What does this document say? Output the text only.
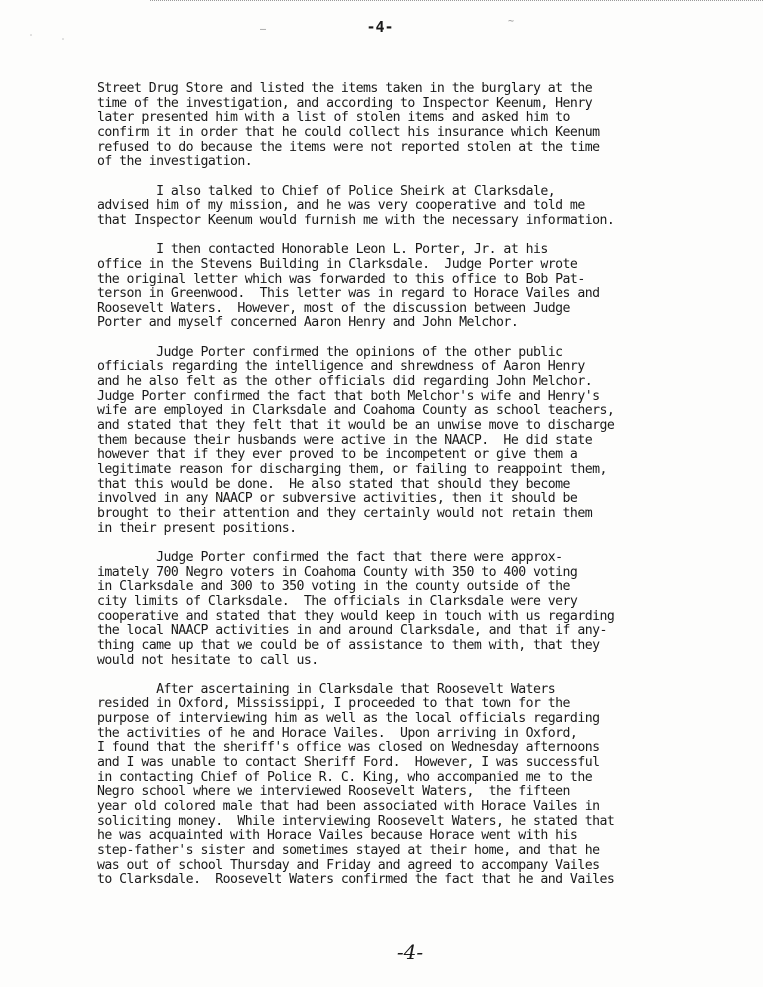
˙	˙
—
~
-4-
Street Drug Store and listed the items taken in the burglary at the
time of the investigation, and according to Inspector Keenum, Henry
later presented him with a list of stolen items and asked him to
confirm it in order that he could collect his insurance which Keenum
refused to do because the items were not reported stolen at the time
of the investigation.
I also talked to Chief of Police Sheirk at Clarksdale,
advised him of my mission, and he was very cooperative and told me
that Inspector Keenum would furnish me with the necessary information.
I then contacted Honorable Leon L. Porter, Jr. at his
office in the Stevens Building in Clarksdale.  Judge Porter wrote
the original letter which was forwarded to this office to Bob Pat-
terson in Greenwood.  This letter was in regard to Horace Vailes and
Roosevelt Waters.  However, most of the discussion between Judge
Porter and myself concerned Aaron Henry and John Melchor.
Judge Porter confirmed the opinions of the other public
officials regarding the intelligence and shrewdness of Aaron Henry
and he also felt as the other officials did regarding John Melchor.
Judge Porter confirmed the fact that both Melchor's wife and Henry's
wife are employed in Clarksdale and Coahoma County as school teachers,
and stated that they felt that it would be an unwise move to discharge
them because their husbands were active in the NAACP.  He did state
however that if they ever proved to be incompetent or give them a
legitimate reason for discharging them, or failing to reappoint them,
that this would be done.  He also stated that should they become
involved in any NAACP or subversive activities, then it should be
brought to their attention and they certainly would not retain them
in their present positions.
Judge Porter confirmed the fact that there were approx-
imately 700 Negro voters in Coahoma County with 350 to 400 voting
in Clarksdale and 300 to 350 voting in the county outside of the
city limits of Clarksdale.  The officials in Clarksdale were very
cooperative and stated that they would keep in touch with us regarding
the local NAACP activities in and around Clarksdale, and that if any-
thing came up that we could be of assistance to them with, that they
would not hesitate to call us.
After ascertaining in Clarksdale that Roosevelt Waters
resided in Oxford, Mississippi, I proceeded to that town for the
purpose of interviewing him as well as the local officials regarding
the activities of he and Horace Vailes.  Upon arriving in Oxford,
I found that the sheriff's office was closed on Wednesday afternoons
and I was unable to contact Sheriff Ford.  However, I was successful
in contacting Chief of Police R. C. King, who accompanied me to the
Negro school where we interviewed Roosevelt Waters,  the fifteen
year old colored male that had been associated with Horace Vailes in
soliciting money.  While interviewing Roosevelt Waters, he stated that
he was acquainted with Horace Vailes because Horace went with his
step-father's sister and sometimes stayed at their home, and that he
was out of school Thursday and Friday and agreed to accompany Vailes
to Clarksdale.  Roosevelt Waters confirmed the fact that he and Vailes
-4-
